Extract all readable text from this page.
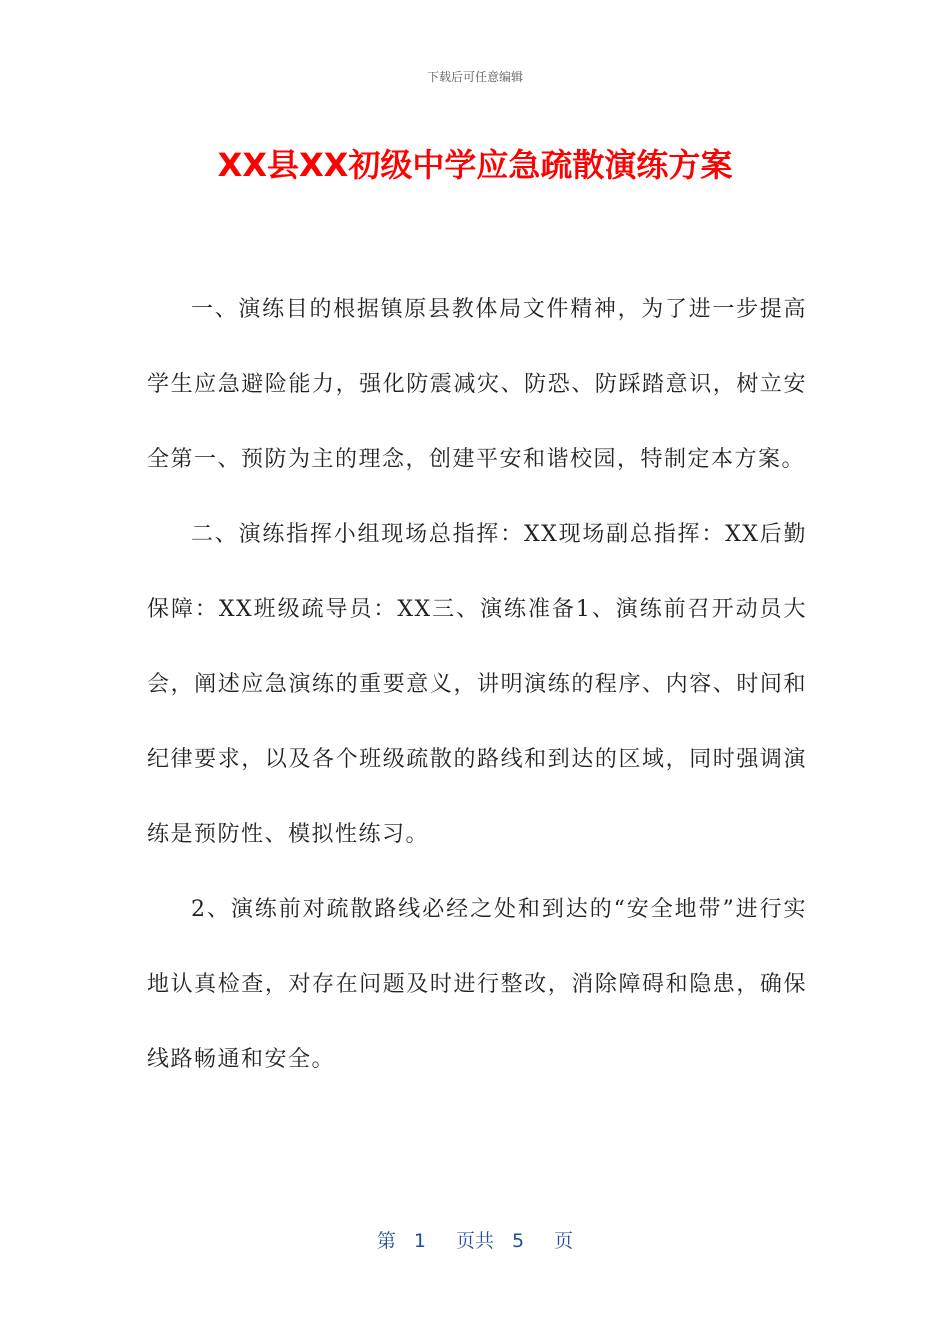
下载后可任意编辑
XX县XX初级中学应急疏散演练方案

一、演练目的根据镇原县教体局文件精神，为了进一步提高学生应急避险能力，强化防震减灾、防恐、防踩踏意识，树立安全第一、预防为主的理念，创建平安和谐校园，特制定本方案。

二、演练指挥小组现场总指挥：XX现场副总指挥：XX后勤保障：XX班级疏导员：XX三、演练准备1、演练前召开动员大会，阐述应急演练的重要意义，讲明演练的程序、内容、时间和纪律要求，以及各个班级疏散的路线和到达的区域，同时强调演练是预防性、模拟性练习。

2、演练前对疏散路线必经之处和到达的“安全地带”进行实地认真检查，对存在问题及时进行整改，消除障碍和隐患，确保线路畅通和安全。

第 1 页共 5 页
